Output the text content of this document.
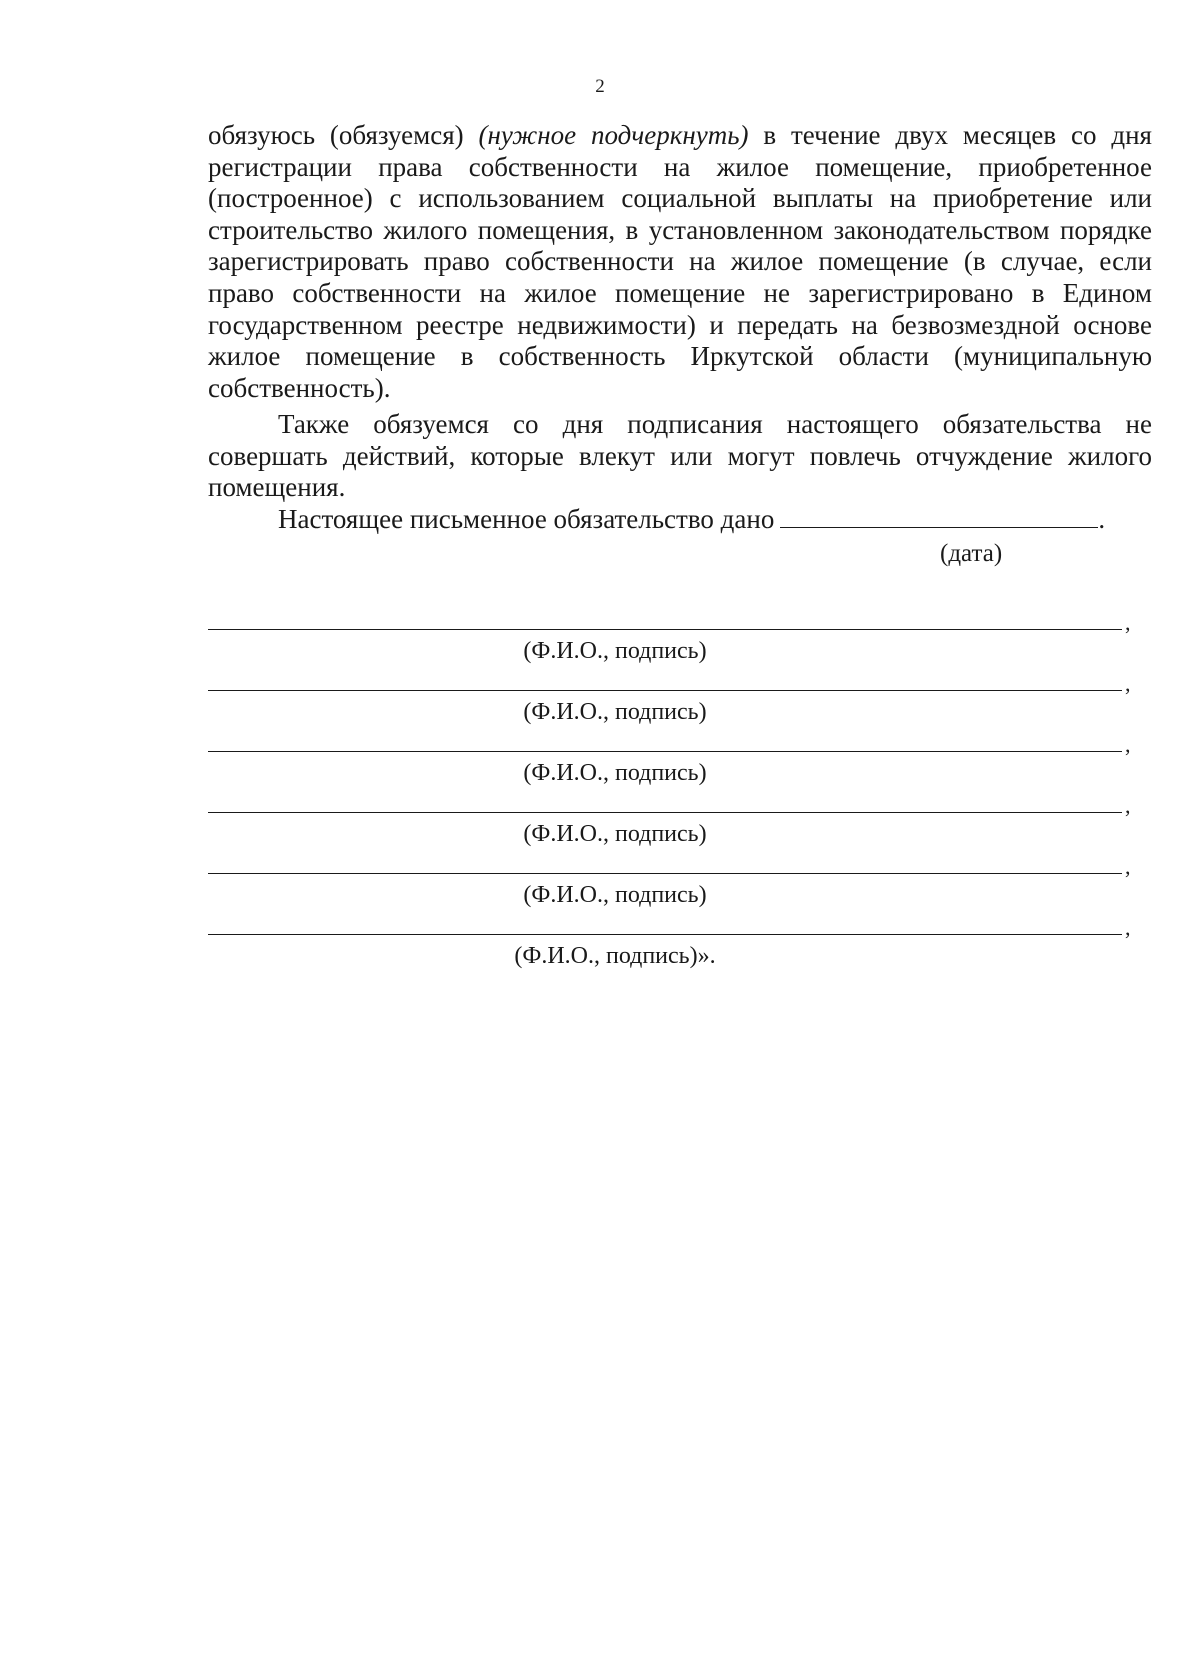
2
обязуюсь (обязуемся) (нужное подчеркнуть) в течение двух месяцев со дня регистрации права собственности на жилое помещение, приобретенное (построенное) с использованием социальной выплаты на приобретение или строительство жилого помещения, в установленном законодательством порядке зарегистрировать право собственности на жилое помещение (в случае, если право собственности на жилое помещение не зарегистрировано в Едином государственном реестре недвижимости) и передать на безвозмездной основе жилое помещение в собственность Иркутской области (муниципальную собственность).
Также обязуемся со дня подписания настоящего обязательства не совершать действий, которые влекут или могут повлечь отчуждение жилого помещения.
Настоящее письменное обязательство дано	.
(дата)
,
(Ф.И.О., подпись)
,
(Ф.И.О., подпись)
,
(Ф.И.О., подпись)
,
(Ф.И.О., подпись)
,
(Ф.И.О., подпись)
,
(Ф.И.О., подпись)».
